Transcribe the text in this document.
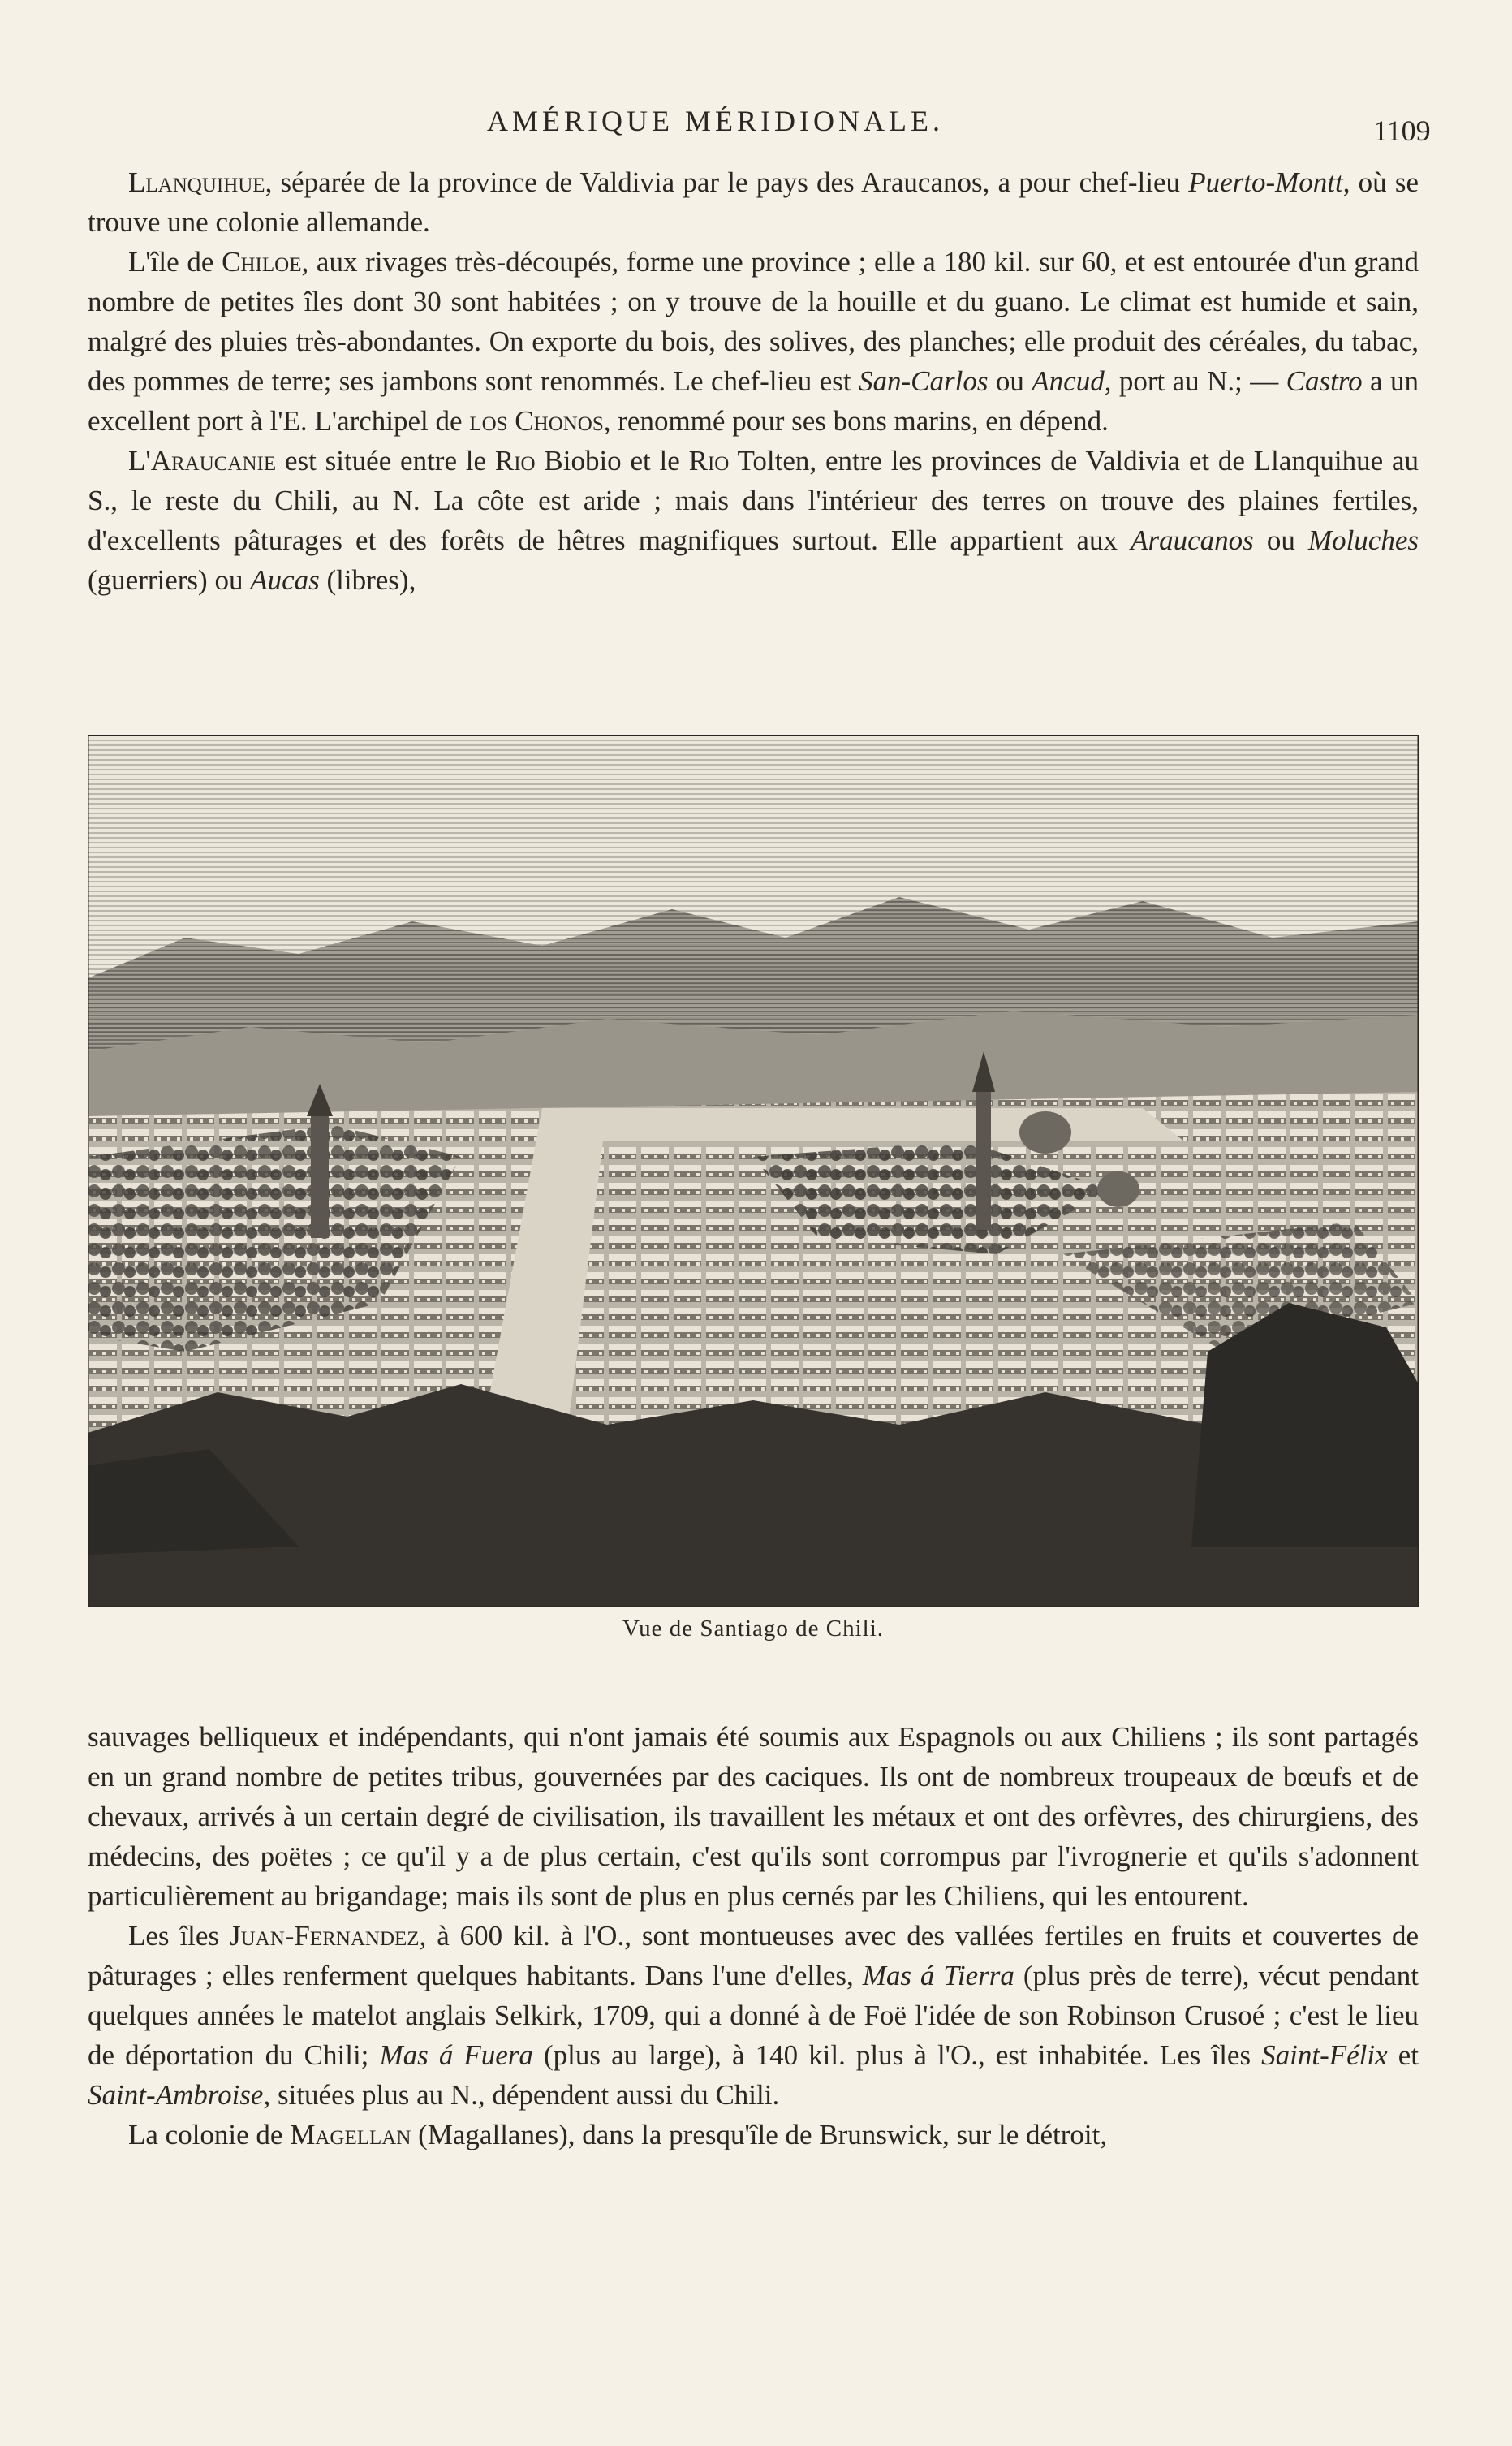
AMÉRIQUE MÉRIDIONALE.	1109

Llanquihue, séparée de la province de Valdivia par le pays des Araucanos, a pour chef-lieu Puerto-Montt, où se trouve une colonie allemande.

L'île de Chiloe, aux rivages très-découpés, forme une province ; elle a 180 kil. sur 60, et est entourée d'un grand nombre de petites îles dont 30 sont habitées ; on y trouve de la houille et du guano. Le climat est humide et sain, malgré des pluies très-abondantes. On exporte du bois, des solives, des planches; elle produit des céréales, du tabac, des pommes de terre; ses jambons sont renommés. Le chef-lieu est San-Carlos ou Ancud, port au N.; — Castro a un excellent port à l'E. L'archipel de los Chonos, renommé pour ses bons marins, en dépend.

L'Araucanie est située entre le Rio Biobio et le Rio Tolten, entre les provinces de Valdivia et de Llanquihue au S., le reste du Chili, au N. La côte est aride ; mais dans l'intérieur des terres on trouve des plaines fertiles, d'excellents pâturages et des forêts de hêtres magnifiques surtout. Elle appartient aux Araucanos ou Moluches (guerriers) ou Aucas (libres),

Vue de Santiago de Chili.

sauvages belliqueux et indépendants, qui n'ont jamais été soumis aux Espagnols ou aux Chiliens ; ils sont partagés en un grand nombre de petites tribus, gouvernées par des caciques. Ils ont de nombreux troupeaux de bœufs et de chevaux, arrivés à un certain degré de civilisation, ils travaillent les métaux et ont des orfèvres, des chirurgiens, des médecins, des poëtes ; ce qu'il y a de plus certain, c'est qu'ils sont corrompus par l'ivrognerie et qu'ils s'adonnent particulièrement au brigandage; mais ils sont de plus en plus cernés par les Chiliens, qui les entourent.

Les îles Juan-Fernandez, à 600 kil. à l'O., sont montueuses avec des vallées fertiles en fruits et couvertes de pâturages ; elles renferment quelques habitants. Dans l'une d'elles, Mas á Tierra (plus près de terre), vécut pendant quelques années le matelot anglais Selkirk, 1709, qui a donné à de Foë l'idée de son Robinson Crusoé ; c'est le lieu de déportation du Chili; Mas á Fuera (plus au large), à 140 kil. plus à l'O., est inhabitée. Les îles Saint-Félix et Saint-Ambroise, situées plus au N., dépendent aussi du Chili.

La colonie de Magellan (Magallanes), dans la presqu'île de Brunswick, sur le détroit,
